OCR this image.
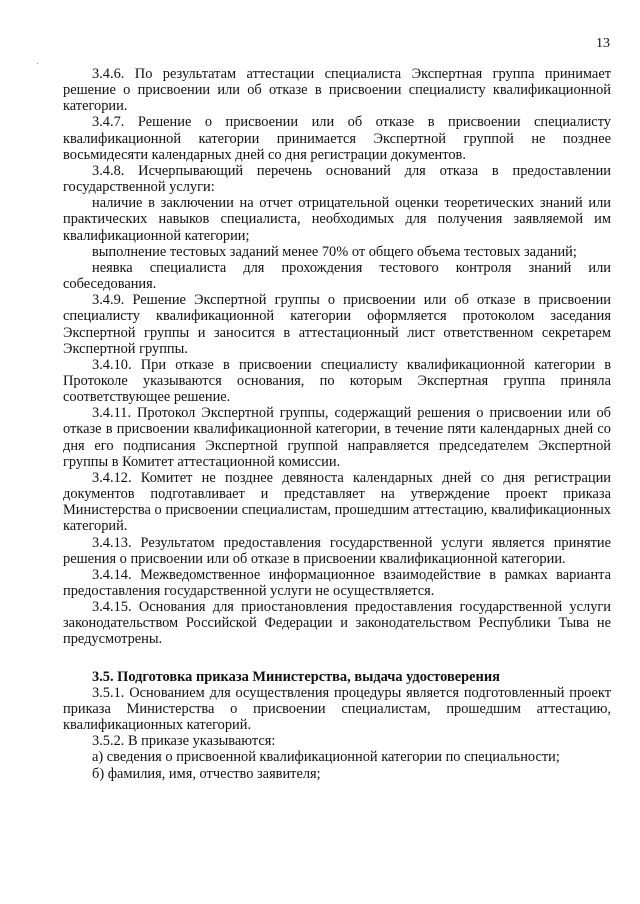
13

3.4.6. По результатам аттестации специалиста Экспертная группа принимает решение о присвоении или об отказе в присвоении специалисту квалификационной категории.

3.4.7. Решение о присвоении или об отказе в присвоении специалисту квалификационной категории принимается Экспертной группой не позднее восьмидесяти календарных дней со дня регистрации документов.

3.4.8. Исчерпывающий перечень оснований для отказа в предоставлении государственной услуги:

наличие в заключении на отчет отрицательной оценки теоретических знаний или практических навыков специалиста, необходимых для получения заявляемой им квалификационной категории;

выполнение тестовых заданий менее 70% от общего объема тестовых заданий;

неявка специалиста для прохождения тестового контроля знаний или собеседования.

3.4.9. Решение Экспертной группы о присвоении или об отказе в присвоении специалисту квалификационной категории оформляется протоколом заседания Экспертной группы и заносится в аттестационный лист ответственном секретарем Экспертной группы.

3.4.10. При отказе в присвоении специалисту квалификационной категории в Протоколе указываются основания, по которым Экспертная группа приняла соответствующее решение.

3.4.11. Протокол Экспертной группы, содержащий решения о присвоении или об отказе в присвоении квалификационной категории, в течение пяти календарных дней со дня его подписания Экспертной группой направляется председателем Экспертной группы в Комитет аттестационной комиссии.

3.4.12. Комитет не позднее девяноста календарных дней со дня регистрации документов подготавливает и представляет на утверждение проект приказа Министерства о присвоении специалистам, прошедшим аттестацию, квалификационных категорий.

3.4.13. Результатом предоставления государственной услуги является принятие решения о присвоении или об отказе в присвоении квалификационной категории.

3.4.14. Межведомственное информационное взаимодействие в рамках варианта предоставления государственной услуги не осуществляется.

3.4.15. Основания для приостановления предоставления государственной услуги законодательством Российской Федерации и законодательством Республики Тыва не предусмотрены.

3.5. Подготовка приказа Министерства, выдача удостоверения

3.5.1. Основанием для осуществления процедуры является подготовленный проект приказа Министерства о присвоении специалистам, прошедшим аттестацию, квалификационных категорий.

3.5.2. В приказе указываются:

а) сведения о присвоенной квалификационной категории по специальности;

б) фамилия, имя, отчество заявителя;
